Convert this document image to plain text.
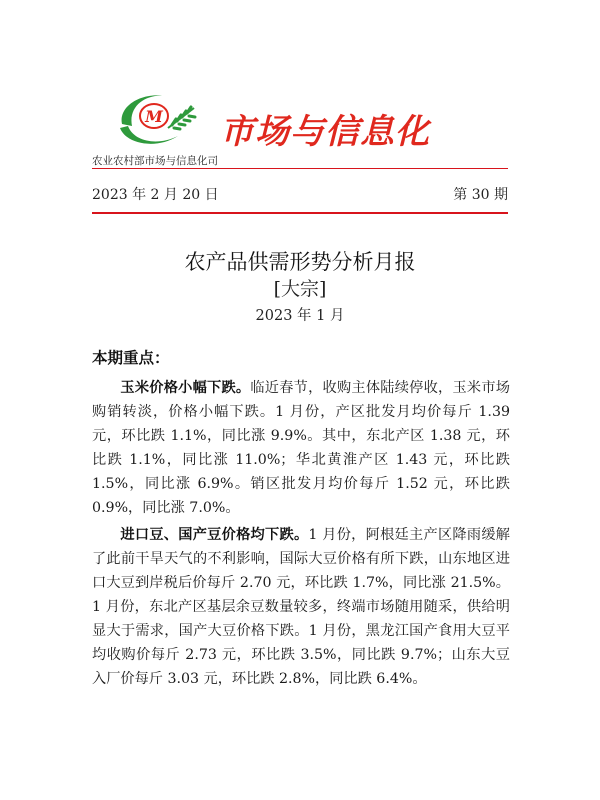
M 市场与信息化
农业农村部市场与信息化司
2023 年 2 月 20 日	第 30 期
农产品供需形势分析月报
[大宗]
2023 年 1 月
本期重点：

玉米价格小幅下跌。临近春节，收购主体陆续停收，玉米市场购销转淡，价格小幅下跌。1 月份，产区批发月均价每斤 1.39 元，环比跌 1.1%，同比涨 9.9%。其中，东北产区 1.38 元，环比跌 1.1%，同比涨 11.0%；华北黄淮产区 1.43 元，环比跌 1.5%，同比涨 6.9%。销区批发月均价每斤 1.52 元，环比跌 0.9%，同比涨 7.0%。

进口豆、国产豆价格均下跌。1 月份，阿根廷主产区降雨缓解了此前干旱天气的不利影响，国际大豆价格有所下跌，山东地区进口大豆到岸税后价每斤 2.70 元，环比跌 1.7%，同比涨 21.5%。1 月份，东北产区基层余豆数量较多，终端市场随用随采，供给明显大于需求，国产大豆价格下跌。1 月份，黑龙江国产食用大豆平均收购价每斤 2.73 元，环比跌 3.5%，同比跌 9.7%；山东大豆入厂价每斤 3.03 元，环比跌 2.8%，同比跌 6.4%。
